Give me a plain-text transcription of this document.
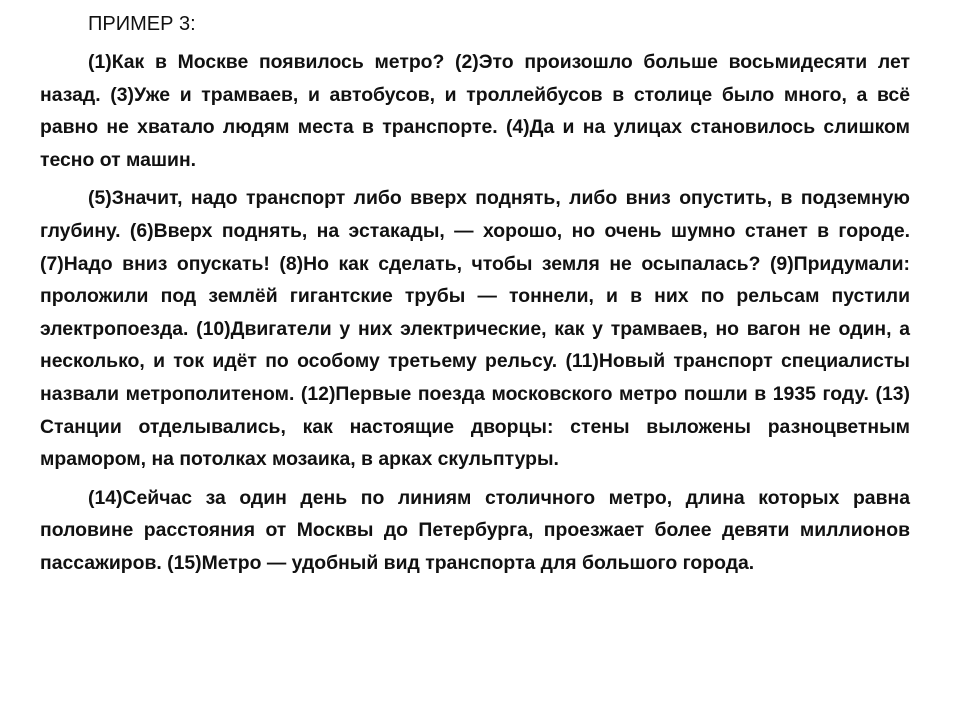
ПРИМЕР 3:

(1)Как в Москве появилось метро? (2)Это произошло больше восьмидесяти лет назад. (3)Уже и трамваев, и автобусов, и троллейбусов в столице было много, а всё равно не хватало людям места в транспорте. (4)Да и на улицах становилось слишком тесно от машин.

(5)Значит, надо транспорт либо вверх поднять, либо вниз опустить, в подземную глубину. (6)Вверх поднять, на эстакады, — хорошо, но очень шумно станет в городе. (7)Надо вниз опускать! (8)Но как сделать, чтобы земля не осыпалась? (9)Придумали: проложили под землёй гигантские трубы — тоннели, и в них по рельсам пустили электропоезда. (10)Двигатели у них электрические, как у трамваев, но вагон не один, а несколько, и ток идёт по особому третьему рельсу. (11)Новый транспорт специалисты назвали метрополитеном. (12)Первые поезда московского метро пошли в 1935 году. (13) Станции отделывались, как настоящие дворцы: стены выложены разноцветным мрамором, на потолках мозаика, в арках скульптуры.

(14)Сейчас за один день по линиям столичного метро, длина которых равна половине расстояния от Москвы до Петербурга, проезжает более девяти миллионов пассажиров. (15)Метро — удобный вид транспорта для большого города.
